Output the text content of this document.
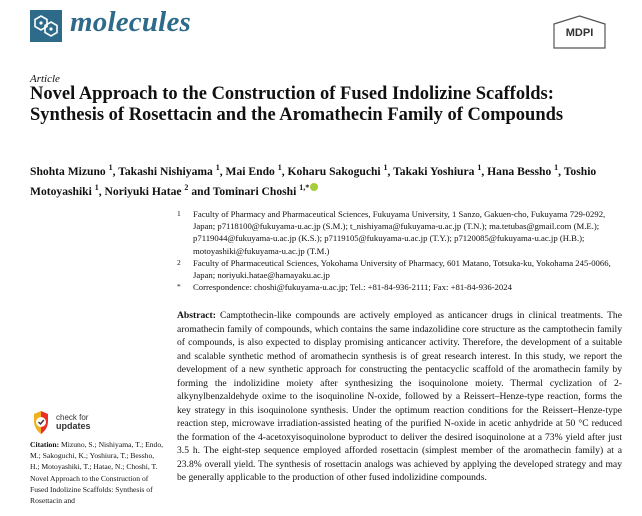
molecules	MDPI
Article
Novel Approach to the Construction of Fused Indolizine Scaffolds: Synthesis of Rosettacin and the Aromathecin Family of Compounds
Shohta Mizuno $^1$, Takashi Nishiyama $^1$, Mai Endo $^1$, Koharu Sakoguchi $^1$, Takaki Yoshiura $^1$, Hana Bessho $^1$, Toshio Motoyashiki $^1$, Noriyuki Hatae $^2$ and Tominari Choshi $^{1,*}$
1	Faculty of Pharmacy and Pharmaceutical Sciences, Fukuyama University, 1 Sanzo, Gakuen-cho, Fukuyama 729-0292, Japan; p7118100@fukuyama-u.ac.jp (S.M.); t_nishiyama@fukuyama-u.ac.jp (T.N.); ma.tetubas@gmail.com (M.E.); p7119044@fukuyama-u.ac.jp (K.S.); p7119105@fukuyama-u.ac.jp (T.Y.); p7120085@fukuyama-u.ac.jp (H.B.); motoyashiki@fukuyama-u.ac.jp (T.M.)
2	Faculty of Pharmaceutical Sciences, Yokohama University of Pharmacy, 601 Matano, Totsuka-ku, Yokohama 245-0066, Japan; noriyuki.hatae@hamayaku.ac.jp
*	Correspondence: choshi@fukuyama-u.ac.jp; Tel.: +81-84-936-2111; Fax: +81-84-936-2024
Abstract: Camptothecin-like compounds are actively employed as anticancer drugs in clinical treatments. The aromathecin family of compounds, which contains the same indazolidine core structure as the camptothecin family of compounds, is also expected to display promising anticancer activity. Therefore, the development of a suitable and scalable synthetic method of aromathecin synthesis is of great research interest. In this study, we report the development of a new synthetic approach for constructing the pentacyclic scaffold of the aromathecin family by forming the indolizidine moiety after synthesizing the isoquinolone moiety. Thermal cyclization of 2-alkynylbenzaldehyde oxime to the isoquinoline N-oxide, followed by a Reissert–Henze-type reaction, forms the key strategy in this isoquinolone synthesis. Under the optimum reaction conditions for the Reissert–Henze-type reaction step, microwave irradiation-assisted heating of the purified N-oxide in acetic anhydride at 50 °C reduced the formation of the 4-acetoxyisoquinolone byproduct to deliver the desired isoquinolone at a 73% yield after just 3.5 h. The eight-step sequence employed afforded rosettacin (simplest member of the aromathecin family) at a 23.8% overall yield. The synthesis of rosettacin analogs was achieved by applying the developed strategy and may be generally applicable to the production of other fused indolizidine compounds.
check for
updates
Citation: Mizuno, S.; Nishiyama, T.; Endo, M.; Sakoguchi, K.; Yoshiura, T.; Bessho, H.; Motoyashiki, T.; Hatae, N.; Choshi, T. Novel Approach to the Construction of Fused Indolizine Scaffolds: Synthesis of Rosettacin and
